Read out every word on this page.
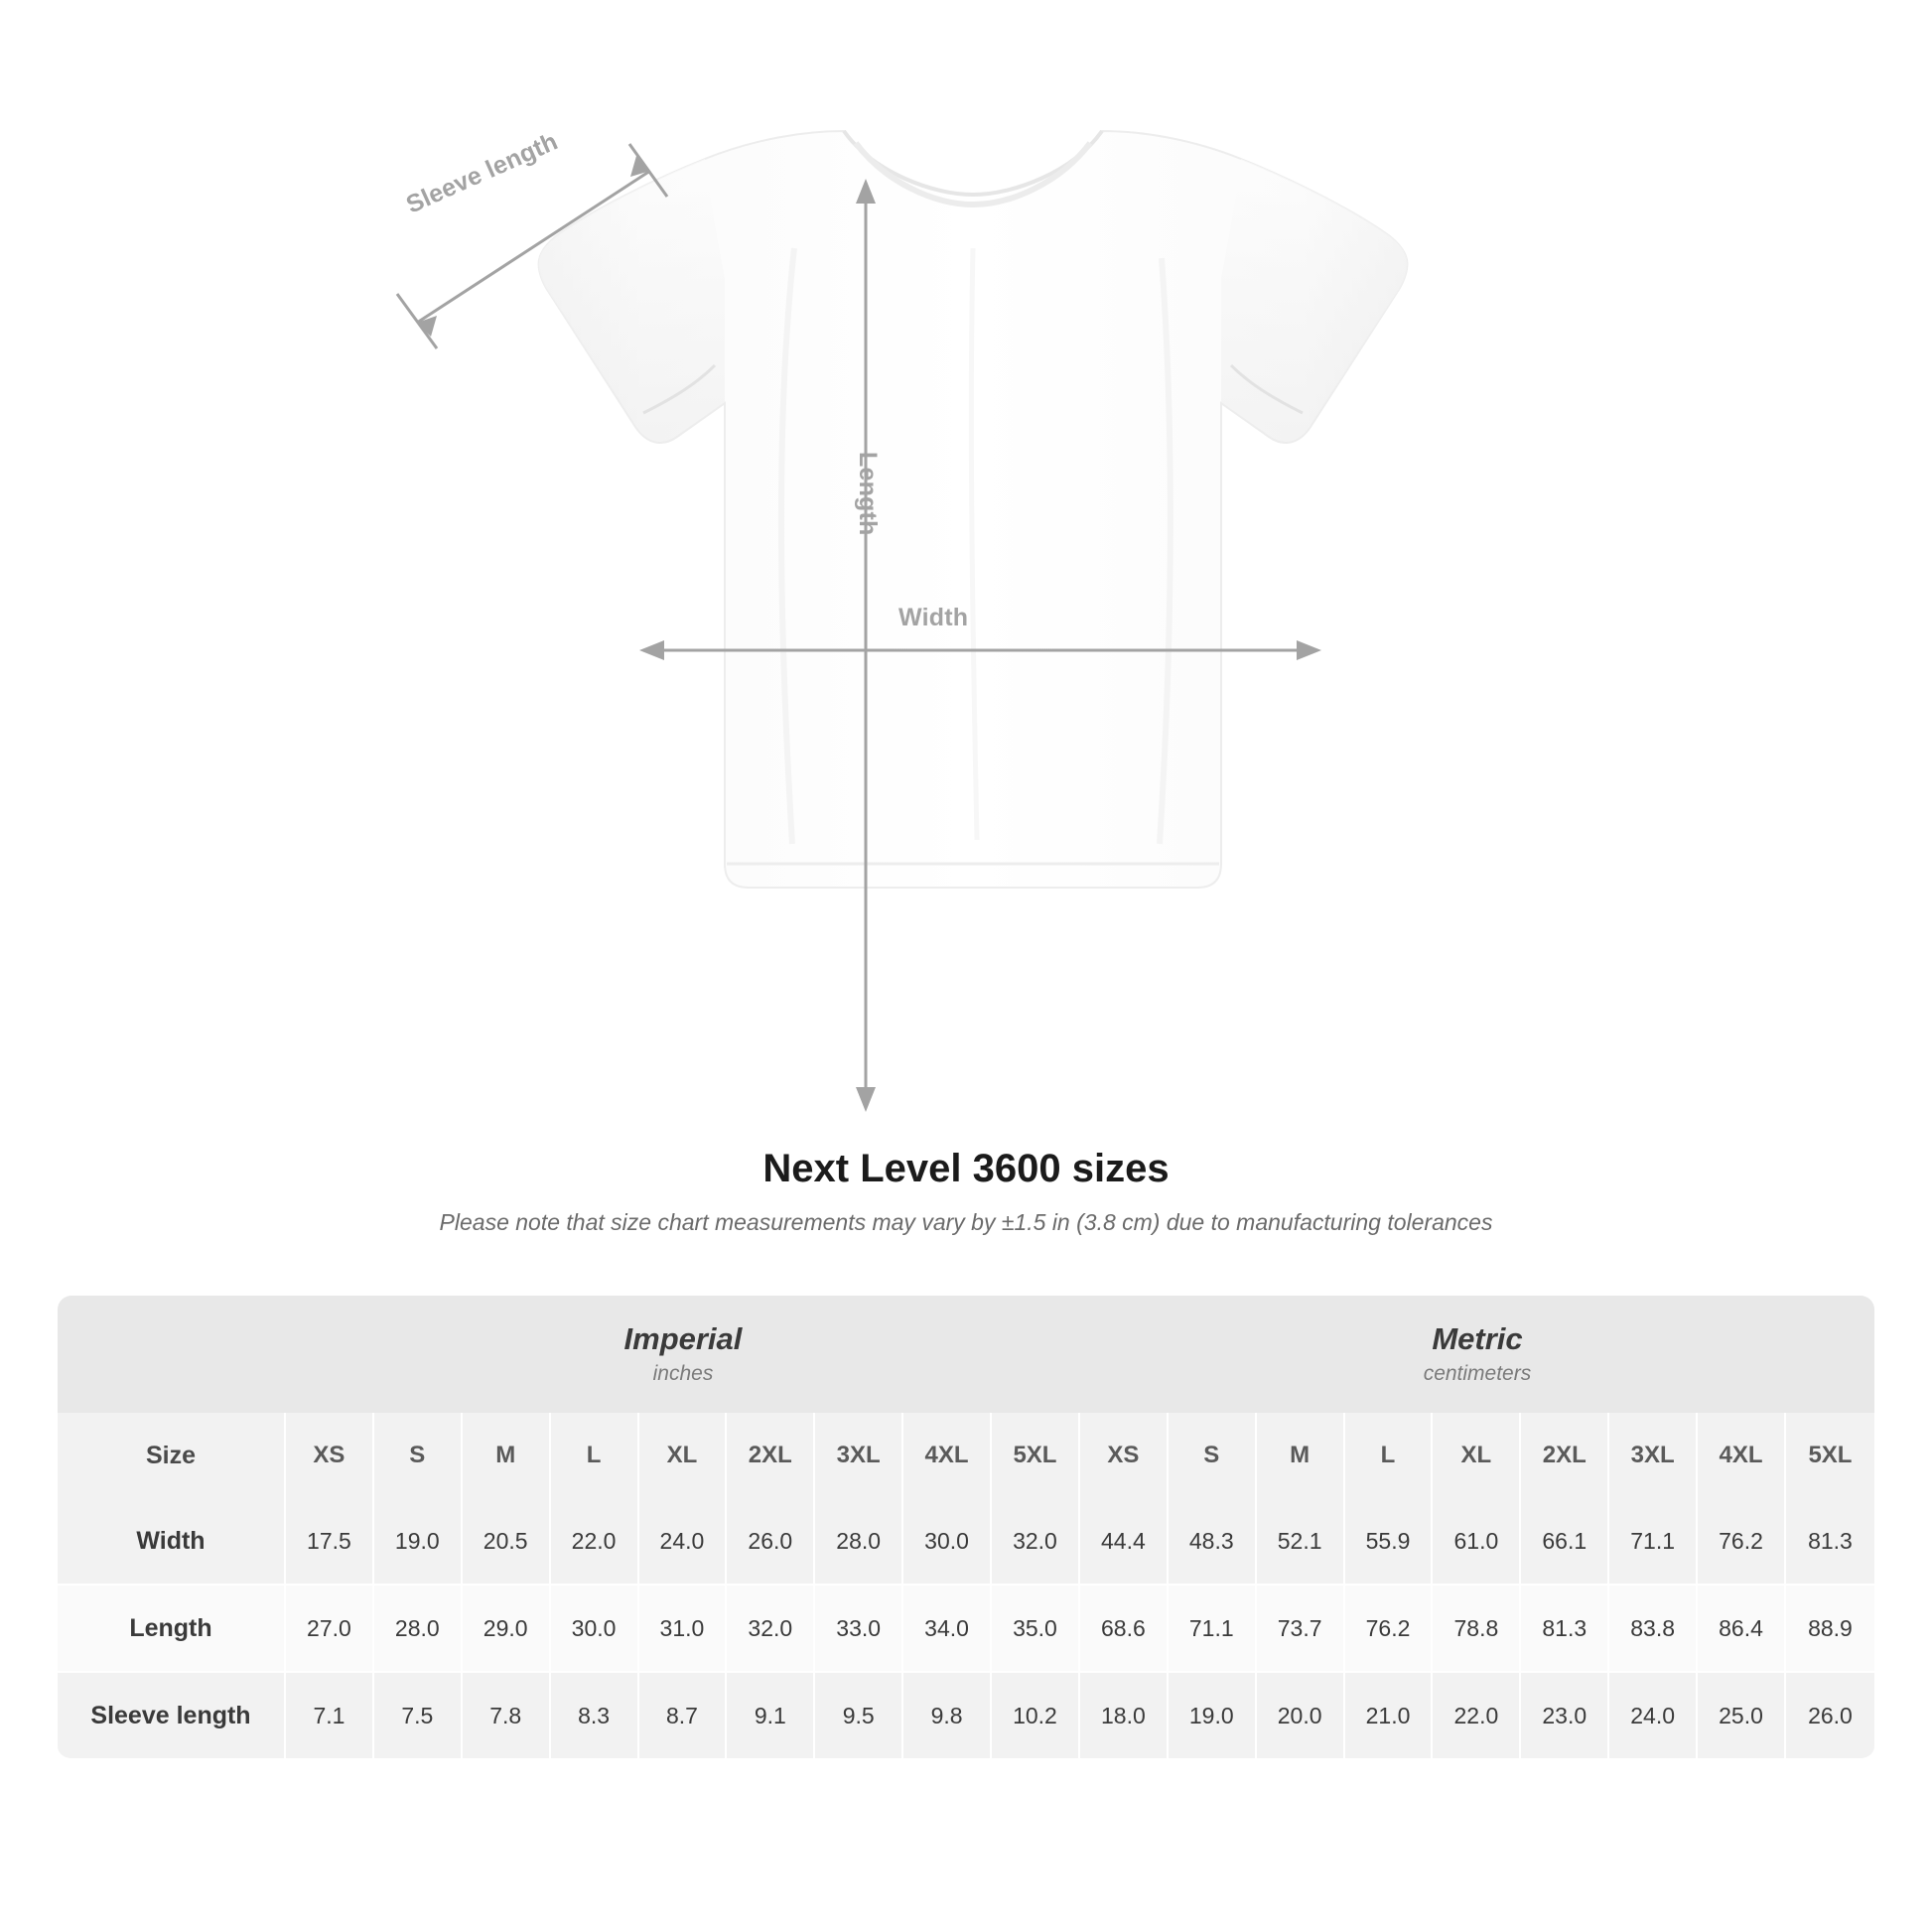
Sleeve length
Length
Width
Next Level 3600 sizes

Please note that size chart measurements may vary by ±1.5 in (3.8 cm) due to manufacturing tolerances

	Imperial
inches									Metric
centimeters								

Size	XS	S	M	L	XL	2XL	3XL	4XL	5XL	XS	S	M	L	XL	2XL	3XL	4XL	5XL
Width	17.5	19.0	20.5	22.0	24.0	26.0	28.0	30.0	32.0	44.4	48.3	52.1	55.9	61.0	66.1	71.1	76.2	81.3
Length	27.0	28.0	29.0	30.0	31.0	32.0	33.0	34.0	35.0	68.6	71.1	73.7	76.2	78.8	81.3	83.8	86.4	88.9
Sleeve length	7.1	7.5	7.8	8.3	8.7	9.1	9.5	9.8	10.2	18.0	19.0	20.0	21.0	22.0	23.0	24.0	25.0	26.0
